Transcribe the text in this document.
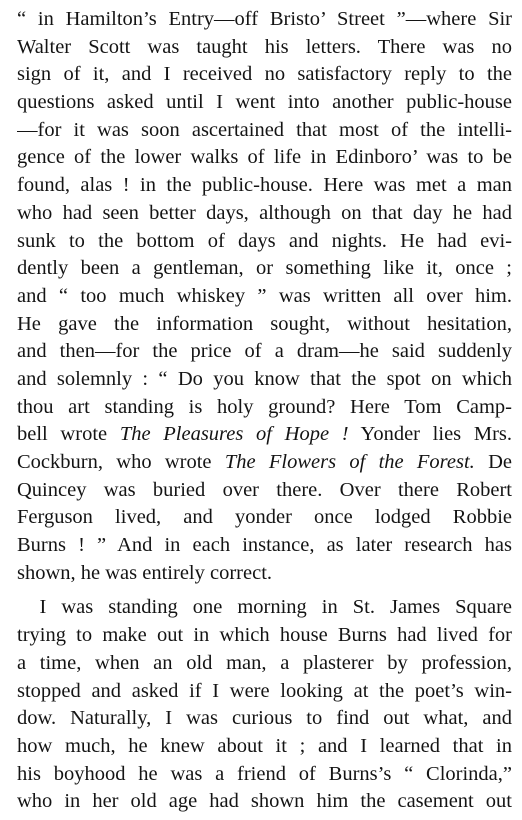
“ in Hamilton’s Entry—off Bristo’ Street ”—where Sir
Walter Scott was taught his letters. There was no
sign of it, and I received no satisfactory reply to the
questions asked until I went into another public-house
—for it was soon ascertained that most of the intelli-
gence of the lower walks of life in Edinboro’ was to be
found, alas ! in the public-house. Here was met a man
who had seen better days, although on that day he had
sunk to the bottom of days and nights. He had evi-
dently been a gentleman, or something like it, once ;
and “ too much whiskey ” was written all over him.
He gave the information sought, without hesitation,
and then—for the price of a dram—he said suddenly
and solemnly : “ Do you know that the spot on which
thou art standing is holy ground? Here Tom Camp-
bell wrote The Pleasures of Hope ! Yonder lies Mrs.
Cockburn, who wrote The Flowers of the Forest. De
Quincey was buried over there. Over there Robert
Ferguson lived, and yonder once lodged Robbie
Burns ! ” And in each instance, as later research has
shown, he was entirely correct.
I was standing one morning in St. James Square
trying to make out in which house Burns had lived for
a time, when an old man, a plasterer by profession,
stopped and asked if I were looking at the poet’s win-
dow. Naturally, I was curious to find out what, and
how much, he knew about it ; and I learned that in
his boyhood he was a friend of Burns’s “ Clorinda,”
who in her old age had shown him the casement out
